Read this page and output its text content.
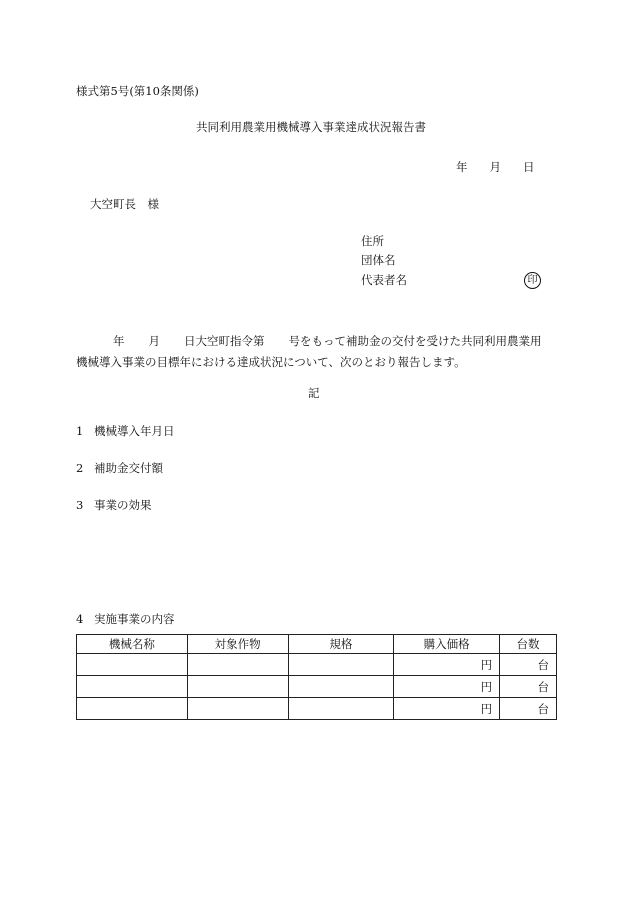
様式第5号(第10条関係)
共同利用農業用機械導入事業達成状況報告書
年 月 日
大空町長　様
住所
団体名
代表者名	印
年 月 日大空町指令第 号をもって補助金の交付を受けた共同利用農業用
機械導入事業の目標年における達成状況について、次のとおり報告します。
記
1 機械導入年月日
2 補助金交付額
3 事業の効果
4 実施事業の内容
機械名称	対象作物	規格	購入価格	台数
			円	台
			円	台
			円	台
